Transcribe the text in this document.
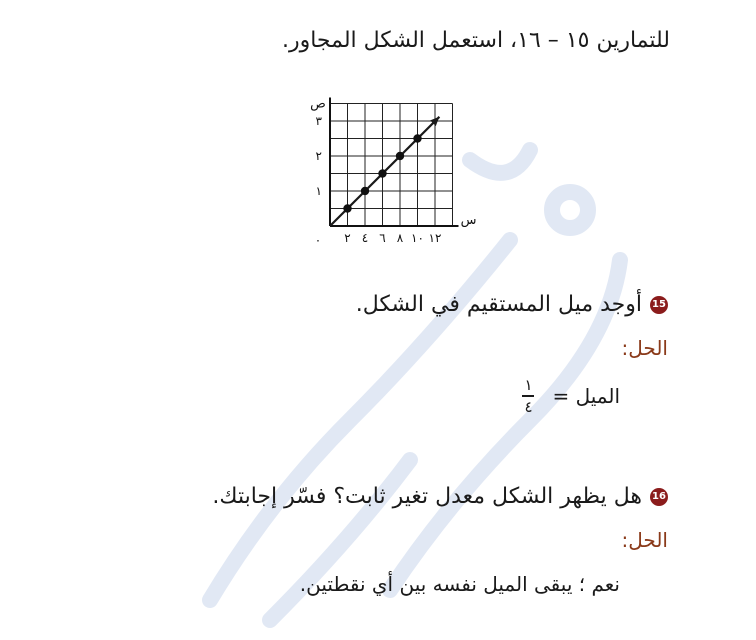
للتمارين ١٥ – ١٦، استعمل الشكل المجاور.
٢ ٤ ٦ ٨ ١٠ ١٢
١
٢
٣
٠
ص
س
15
أوجد ميل المستقيم في الشكل.
الحل:
الميل =
$\frac{١}{٤}$
16
هل يظهر الشكل معدل تغير ثابت؟ فسّر إجابتك.
الحل:
نعم ؛ يبقى الميل نفسه بين أي نقطتين.
